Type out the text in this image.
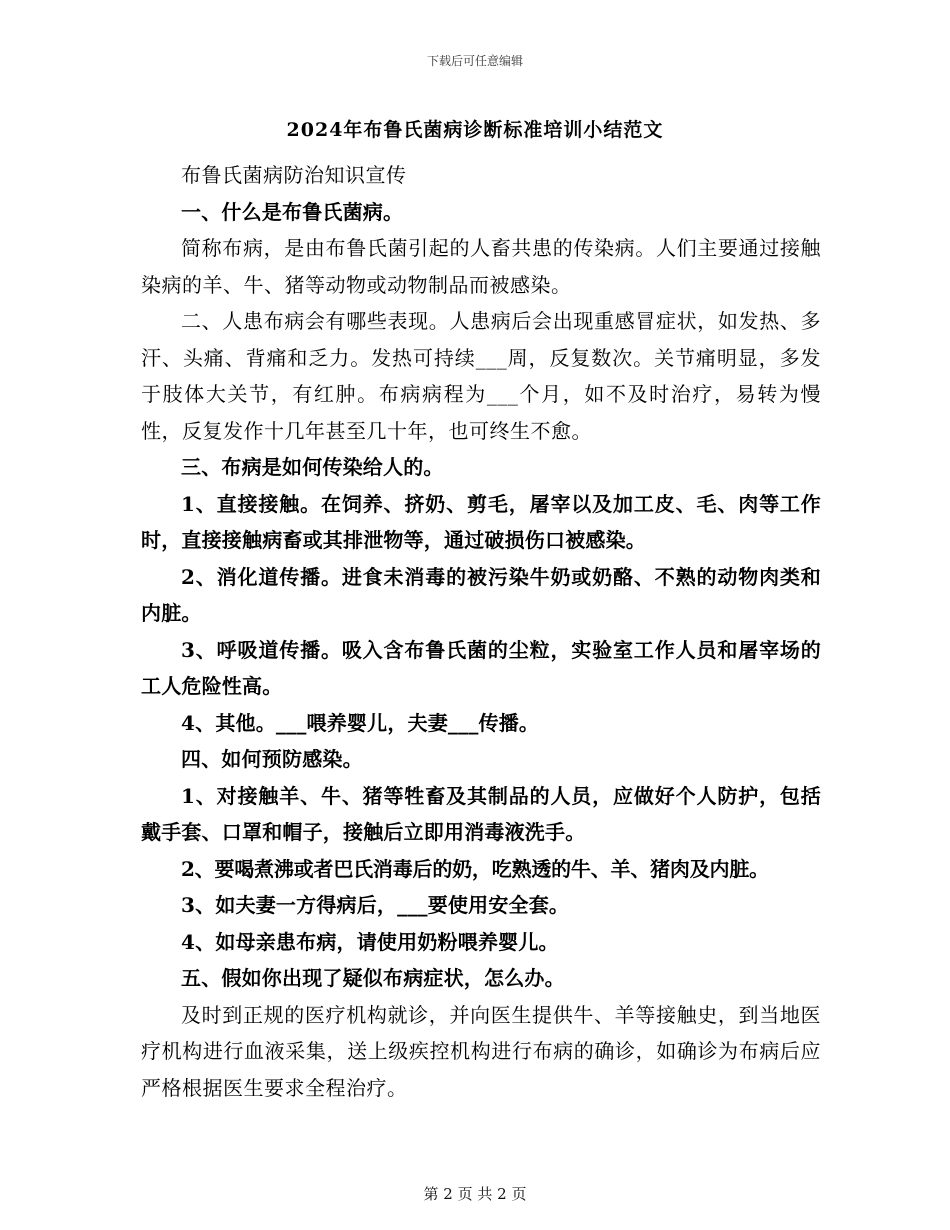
下载后可任意编辑
2024年布鲁氏菌病诊断标准培训小结范文

布鲁氏菌病防治知识宣传

一、什么是布鲁氏菌病。

简称布病，是由布鲁氏菌引起的人畜共患的传染病。人们主要通过接触染病的羊、牛、猪等动物或动物制品而被感染。

二、人患布病会有哪些表现。人患病后会出现重感冒症状，如发热、多汗、头痛、背痛和乏力。发热可持续___周，反复数次。关节痛明显，多发于肢体大关节，有红肿。布病病程为___个月，如不及时治疗，易转为慢性，反复发作十几年甚至几十年，也可终生不愈。

三、布病是如何传染给人的。

1、直接接触。在饲养、挤奶、剪毛，屠宰以及加工皮、毛、肉等工作时，直接接触病畜或其排泄物等，通过破损伤口被感染。

2、消化道传播。进食未消毒的被污染牛奶或奶酪、不熟的动物肉类和内脏。

3、呼吸道传播。吸入含布鲁氏菌的尘粒，实验室工作人员和屠宰场的工人危险性高。

4、其他。___喂养婴儿，夫妻___传播。

四、如何预防感染。

1、对接触羊、牛、猪等牲畜及其制品的人员，应做好个人防护，包括戴手套、口罩和帽子，接触后立即用消毒液洗手。

2、要喝煮沸或者巴氏消毒后的奶，吃熟透的牛、羊、猪肉及内脏。

3、如夫妻一方得病后，___要使用安全套。

4、如母亲患布病，请使用奶粉喂养婴儿。

五、假如你出现了疑似布病症状，怎么办。

及时到正规的医疗机构就诊，并向医生提供牛、羊等接触史，到当地医疗机构进行血液采集，送上级疾控机构进行布病的确诊，如确诊为布病后应严格根据医生要求全程治疗。

第 2 页 共 2 页
